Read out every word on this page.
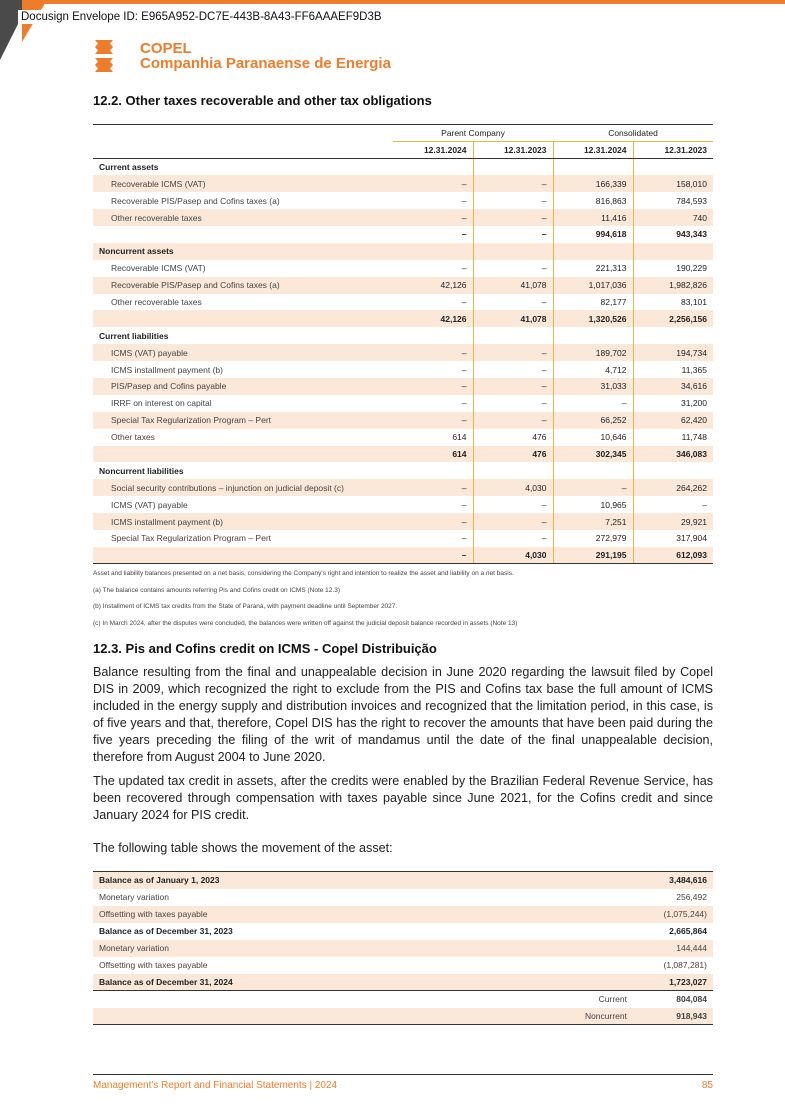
Docusign Envelope ID: E965A952-DC7E-443B-8A43-FF6AAAEF9D3B
COPEL
Companhia Paranaense de Energia
12.2. Other taxes recoverable and other tax obligations
	Parent Company		Consolidated	
	12.31.2024	12.31.2023	12.31.2024	12.31.2023
Current assets				
Recoverable ICMS (VAT)	–	–	166,339	158,010
Recoverable PIS/Pasep and Cofins taxes (a)	–	–	816,863	784,593
Other recoverable taxes	–	–	11,416	740
	–	–	994,618	943,343
Noncurrent assets				
Recoverable ICMS (VAT)	–	–	221,313	190,229
Recoverable PIS/Pasep and Cofins taxes (a)	42,126	41,078	1,017,036	1,982,826
Other recoverable taxes	–	–	82,177	83,101
	42,126	41,078	1,320,526	2,256,156
Current liabilities				
ICMS (VAT) payable	–	–	189,702	194,734
ICMS installment payment (b)	–	–	4,712	11,365
PIS/Pasep and Cofins payable	–	–	31,033	34,616
IRRF on interest on capital	–	–	–	31,200
Special Tax Regularization Program – Pert	–	–	66,252	62,420
Other taxes	614	476	10,646	11,748
	614	476	302,345	346,083
Noncurrent liabilities				
Social security contributions – injunction on judicial deposit (c)	–	4,030	–	264,262
ICMS (VAT) payable	–	–	10,965	–
ICMS installment payment (b)	–	–	7,251	29,921
Special Tax Regularization Program – Pert	–	–	272,979	317,904
	–	4,030	291,195	612,093
Asset and liability balances presented on a net basis, considering the Company's right and intention to realize the asset and liability on a net basis.
(a) The balance contains amounts referring Pis and Cofins credit on ICMS (Note 12.3)
(b) Installment of ICMS tax credits from the State of Paraná, with payment deadline until September 2027.
(c) In March 2024, after the disputes were concluded, the balances were written off against the judicial deposit balance recorded in assets (Note 13)
12.3. Pis and Cofins credit on ICMS - Copel Distribuição

Balance resulting from the final and unappealable decision in June 2020 regarding the lawsuit filed by Copel DIS in 2009, which recognized the right to exclude from the PIS and Cofins tax base the full amount of ICMS included in the energy supply and distribution invoices and recognized that the limitation period, in this case, is of five years and that, therefore, Copel DIS has the right to recover the amounts that have been paid during the five years preceding the filing of the writ of mandamus until the date of the final unappealable decision, therefore from August 2004 to June 2020.

The updated tax credit in assets, after the credits were enabled by the Brazilian Federal Revenue Service, has been recovered through compensation with taxes payable since June 2021, for the Cofins credit and since January 2024 for PIS credit.

The following table shows the movement of the asset:

Balance as of January 1, 2023		3,484,616
Monetary variation		256,492
Offsetting with taxes payable		(1,075,244)
Balance as of December 31, 2023		2,665,864
Monetary variation		144,444
Offsetting with taxes payable		(1,087,281)
Balance as of December 31, 2024		1,723,027
	Current	804,084
	Noncurrent	918,943
Management's Report and Financial Statements | 2024	85
